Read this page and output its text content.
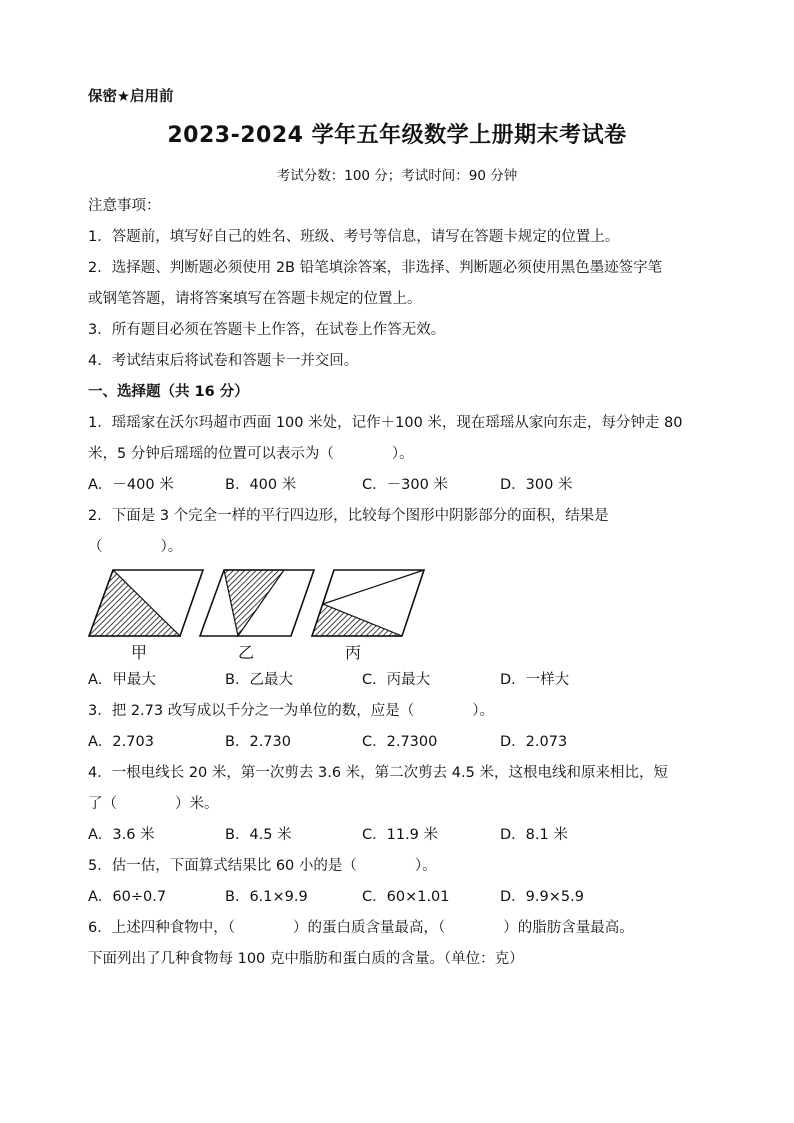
保密★启用前
2023-2024 学年五年级数学上册期末考试卷
考试分数：100 分；考试时间：90 分钟
注意事项：
1．答题前，填写好自己的姓名、班级、考号等信息，请写在答题卡规定的位置上。
2．选择题、判断题必须使用 2B 铅笔填涂答案，非选择、判断题必须使用黑色墨迹签字笔
或钢笔答题，请将答案填写在答题卡规定的位置上。
3．所有题目必须在答题卡上作答，在试卷上作答无效。
4．考试结束后将试卷和答题卡一并交回。
一、选择题（共 16 分）
1．瑶瑶家在沃尔玛超市西面 100 米处，记作＋100 米，现在瑶瑶从家向东走，每分钟走 80
米，5 分钟后瑶瑶的位置可以表示为（　　　　）。
A．－400 米	B．400 米	C．－300 米	D．300 米
2．下面是 3 个完全一样的平行四边形，比较每个图形中阴影部分的面积，结果是
（　　　　）。
甲	乙	丙
A．甲最大	B．乙最大	C．丙最大	D．一样大
3．把 2.73 改写成以千分之一为单位的数，应是（　　　　）。
A．2.703	B．2.730	C．2.7300	D．2.073
4．一根电线长 20 米，第一次剪去 3.6 米，第二次剪去 4.5 米，这根电线和原来相比，短
了（　　　　）米。
A．3.6 米	B．4.5 米	C．11.9 米	D．8.1 米
5．估一估，下面算式结果比 60 小的是（　　　　）。
A．60÷0.7	B．6.1×9.9	C．60×1.01	D．9.9×5.9
6．上述四种食物中，（　　　　）的蛋白质含量最高，（　　　　）的脂肪含量最高。
下面列出了几种食物每 100 克中脂肪和蛋白质的含量。（单位：克）
